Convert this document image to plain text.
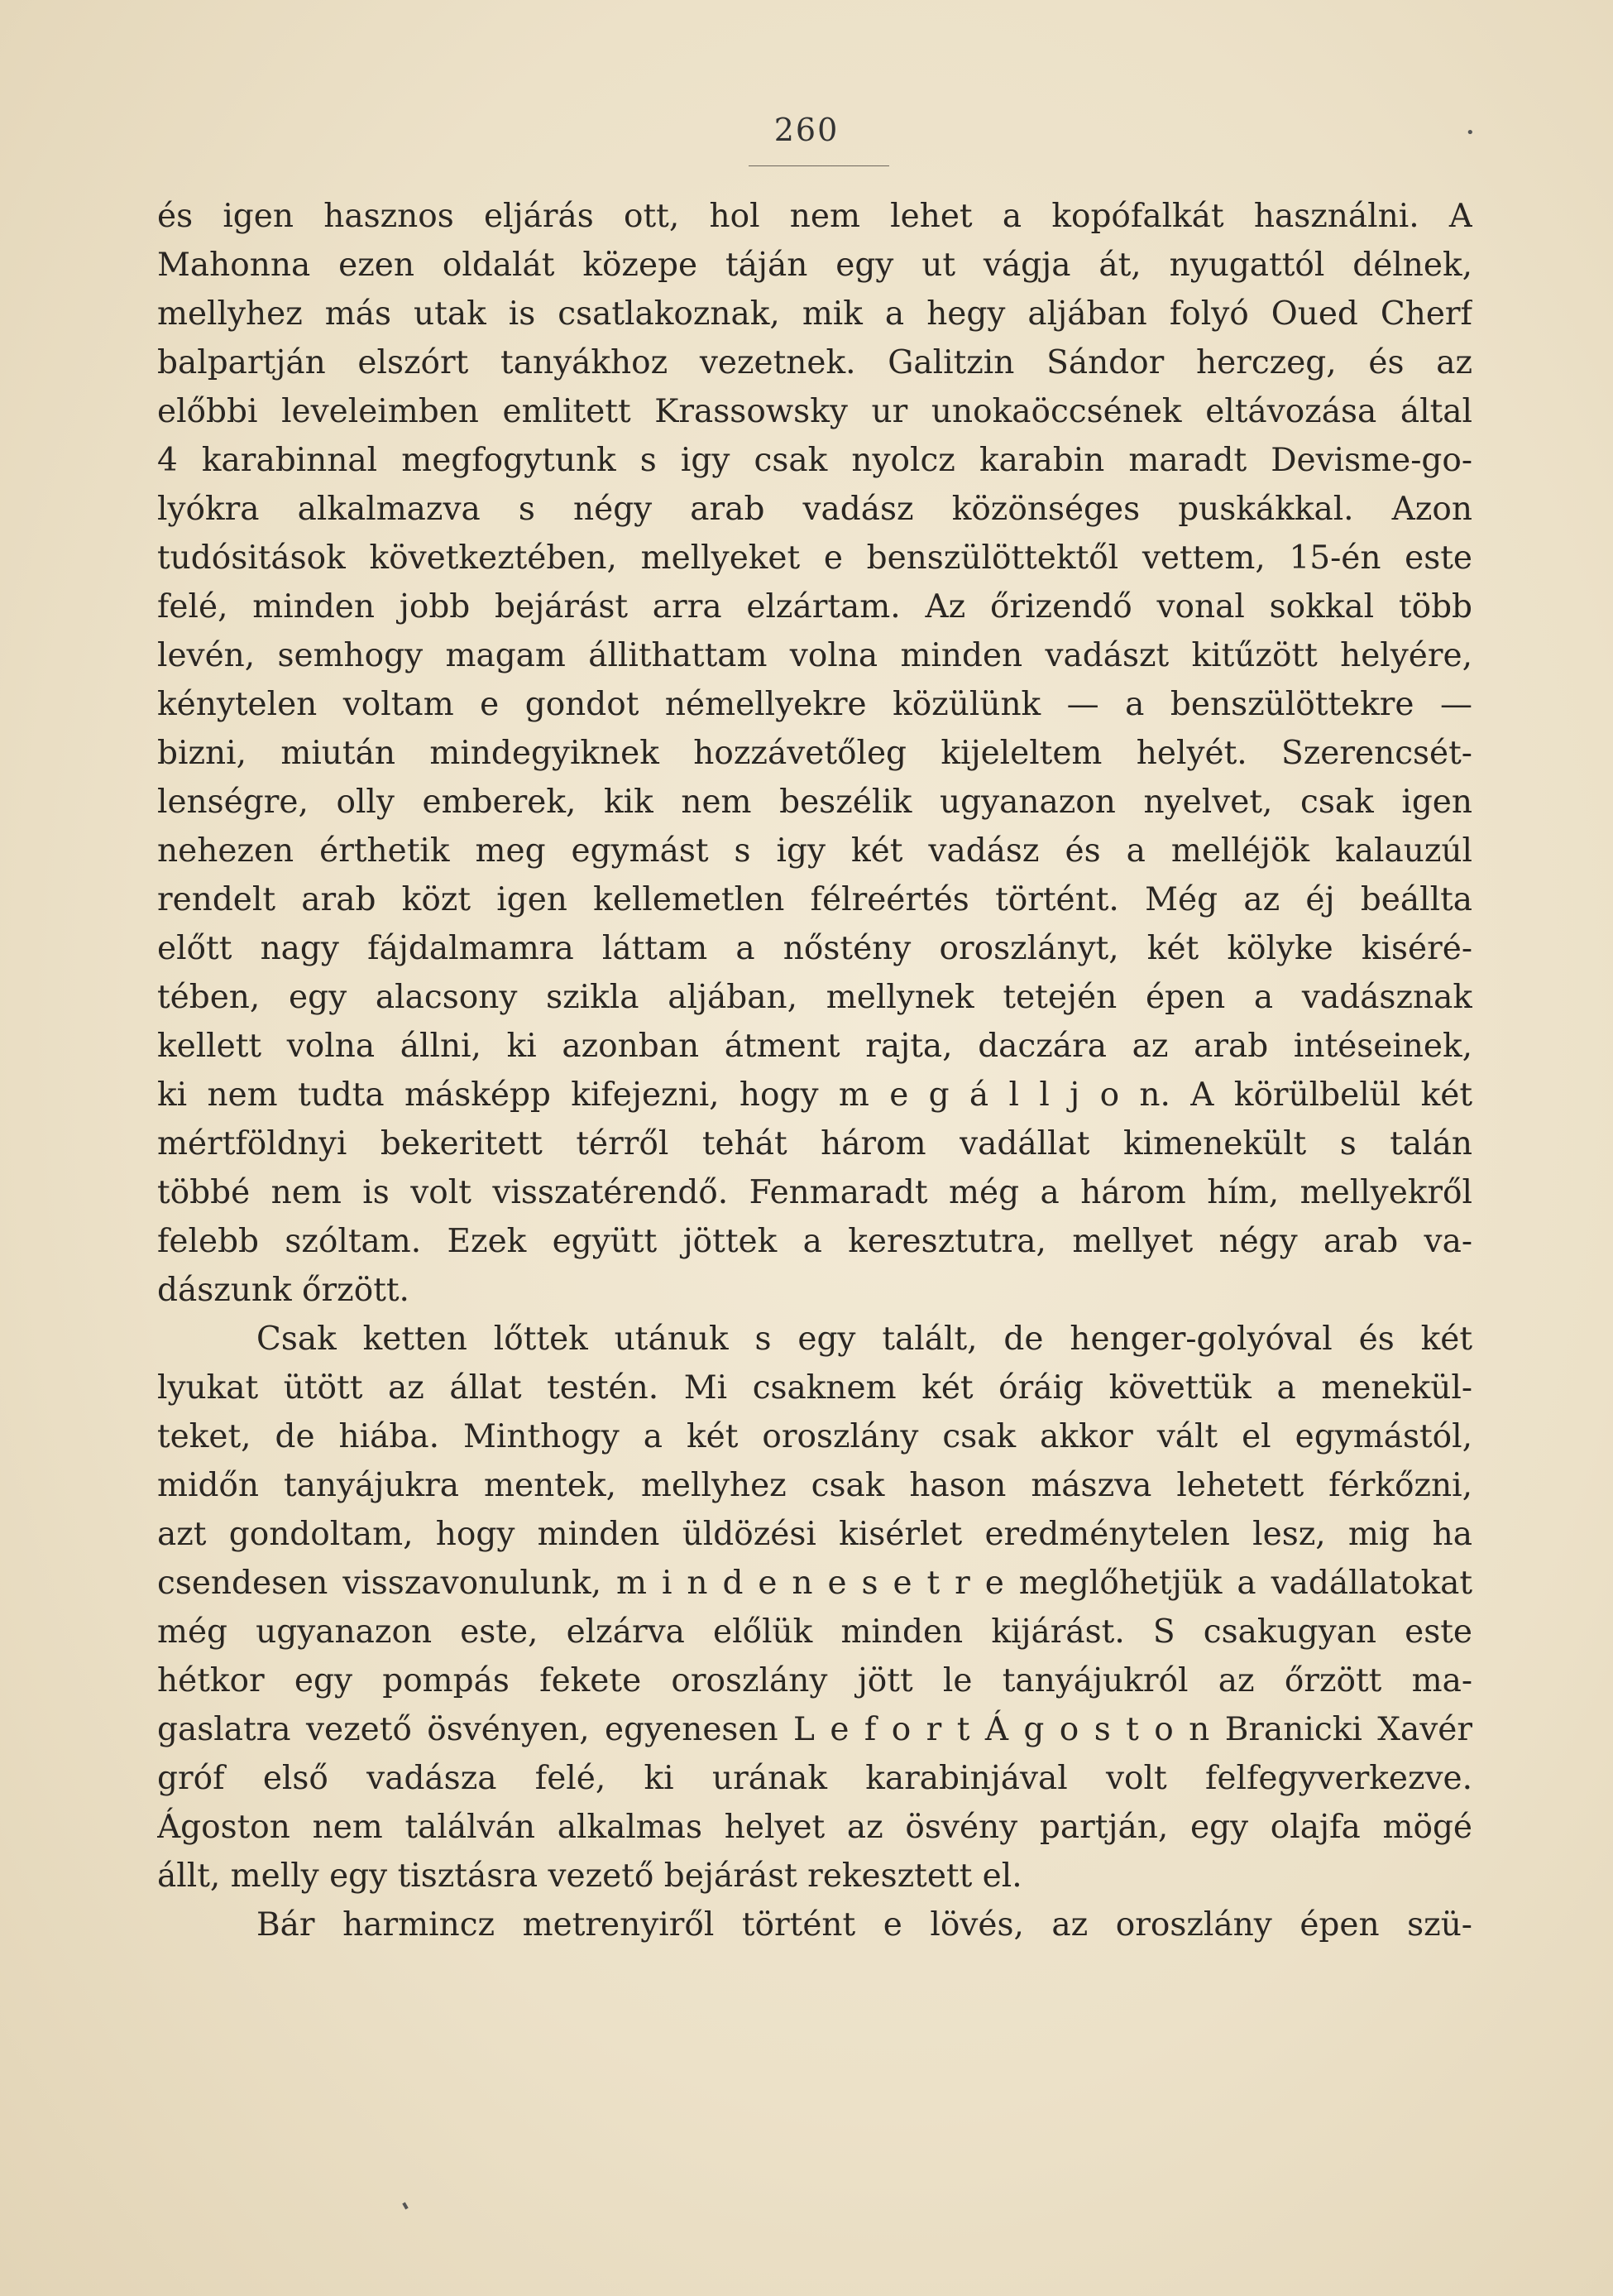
260	•
és igen hasznos eljárás ott, hol nem lehet a kopófalkát használni. A
Mahonna ezen oldalát közepe táján egy ut vágja át, nyugattól délnek,
mellyhez más utak is csatlakoznak, mik a hegy aljában folyó Oued Cherf
balpartján elszórt tanyákhoz vezetnek. Galitzin Sándor herczeg, és az
előbbi leveleimben emlitett Krassowsky ur unokaöccsének eltávozása által
4 karabinnal megfogytunk s igy csak nyolcz karabin maradt Devisme-go-
lyókra alkalmazva s négy arab vadász közönséges puskákkal. Azon
tudósitások következtében, mellyeket e benszülöttektől vettem, 15-én este
felé, minden jobb bejárást arra elzártam. Az őrizendő vonal sokkal több
levén, semhogy magam állithattam volna minden vadászt kitűzött helyére,
kénytelen voltam e gondot némellyekre közülünk — a benszülöttekre —
bizni, miután mindegyiknek hozzávetőleg kijeleltem helyét. Szerencsét-
lenségre, olly emberek, kik nem beszélik ugyanazon nyelvet, csak igen
nehezen érthetik meg egymást s igy két vadász és a melléjök kalauzúl
rendelt arab közt igen kellemetlen félreértés történt. Még az éj beállta
előtt nagy fájdalmamra láttam a nőstény oroszlányt, két kölyke kiséré-
tében, egy alacsony szikla aljában, mellynek tetején épen a vadásznak
kellett volna állni, ki azonban átment rajta, daczára az arab intéseinek,
ki nem tudta másképp kifejezni, hogy m e g á l l j o n. A körülbelül két
mértföldnyi bekeritett térről tehát három vadállat kimenekült s talán
többé nem is volt visszatérendő. Fenmaradt még a három hím, mellyekről
felebb szóltam. Ezek együtt jöttek a keresztutra, mellyet négy arab va-
dászunk őrzött.
Csak ketten lőttek utánuk s egy talált, de henger-golyóval és két
lyukat ütött az állat testén. Mi csaknem két óráig követtük a menekül-
teket, de hiába. Minthogy a két oroszlány csak akkor vált el egymástól,
midőn tanyájukra mentek, mellyhez csak hason mászva lehetett férkőzni,
azt gondoltam, hogy minden üldözési kisérlet eredménytelen lesz, mig ha
csendesen visszavonulunk, m i n d e n e s e t r e meglőhetjük a vadállatokat
még ugyanazon este, elzárva előlük minden kijárást. S csakugyan este
hétkor egy pompás fekete oroszlány jött le tanyájukról az őrzött ma-
gaslatra vezető ösvényen, egyenesen L e f o r t Á g o s t o n Branicki Xavér
gróf első vadásza felé, ki urának karabinjával volt felfegyverkezve.
Ágoston nem találván alkalmas helyet az ösvény partján, egy olajfa mögé
állt, melly egy tisztásra vezető bejárást rekesztett el.
Bár harmincz metrenyiről történt e lövés, az oroszlány épen szü-
